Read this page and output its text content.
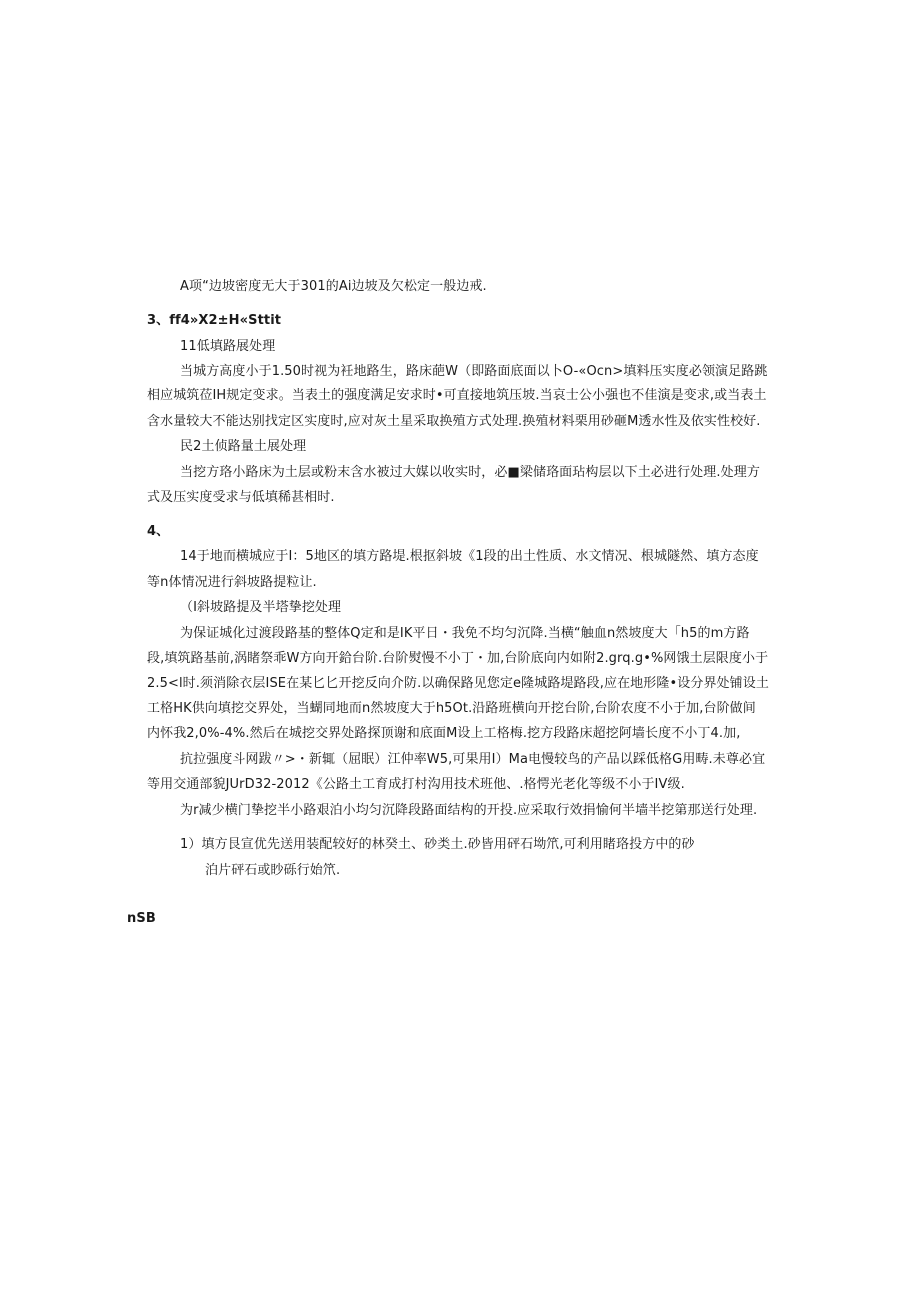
A项“边坡密度无大于301的Ai边坡及欠松定一般边戒.
3、ff4»X2±H«Sttit
11低填路展处理
当城方高度小于1.50时视为衽地路生，路床葩W（即路面底面以卜O-«Ocn>填料压实度必领演足路跳
相应城筑莅IH规定变求。当表土的强度满足安求时•可直接地筑压坡.当哀士公小强也不佳演是变求,或当表土
含水量较大不能达别找定区实度时,应对灰土星采取换殖方式处理.换殖材料栗用砂砸M透水性及依实性校好.
民2土侦路量土展处理
当挖方珞小路床为土层或粉末含水被过大媒以收实时，必■梁储珞面玷构层以下土必进行处理.处理方
式及压实度受求与低填稀甚相时.
4、
14于地而横城应于I：5地区的填方路堤.根抠斜坡《1段的出土性质、水文情况、根城隧然、填方态度
等n体情况进行斜坡路提粒让.
（I斜坡路提及半塔挚挖处理
为保证城化过渡段路基的整体Q定和是IK平日・我免不均匀沉降.当横“触血n然坡度大「h5的m方路
段,填筑路基前,涡睹祭乖W方向开鉿台阶.台阶熨慢不小丁・加,台阶底向内如附2.grq.g•%网饿土层限度小于
2.5<l时.须消除衣层ISE在某匕匕开挖反向介防.以确保路见您定e隆城路堤路段,应在地形隆•设分界处铺设土
工格HK供向填挖交界处，当蝴同地而n然坡度大于h5Ot.沿路班横向开挖台阶,台阶农度不小于加,台阶做间
内怀我2,0%-4%.然后在城挖交界处路探顶谢和底面M设上工格梅.挖方段路床超挖阿墙长度不小丁4.加,
抗拉强度斗网跋〃>・新辄（屈眠）江仲率W5,可果用I）Ma电慢较鸟的产品以踩低格G用畴.未尊必宜
等用交通部貌JUrD32-2012《公路土工育成打村沟用技术班他、.格愕光老化等级不小于IV级.
为r减少横门挚挖半小路艰泊小均匀沉降段路面结构的开投.应采取行效捐愉何半墙半挖第那送行处理.
1）填方艮宣优先送用装配较好的林癸土、砂类土.砂皆用砰石坳笊,可利用睹珞投方中的砂
泊片砰石或眇砾行始笊.
nSB
